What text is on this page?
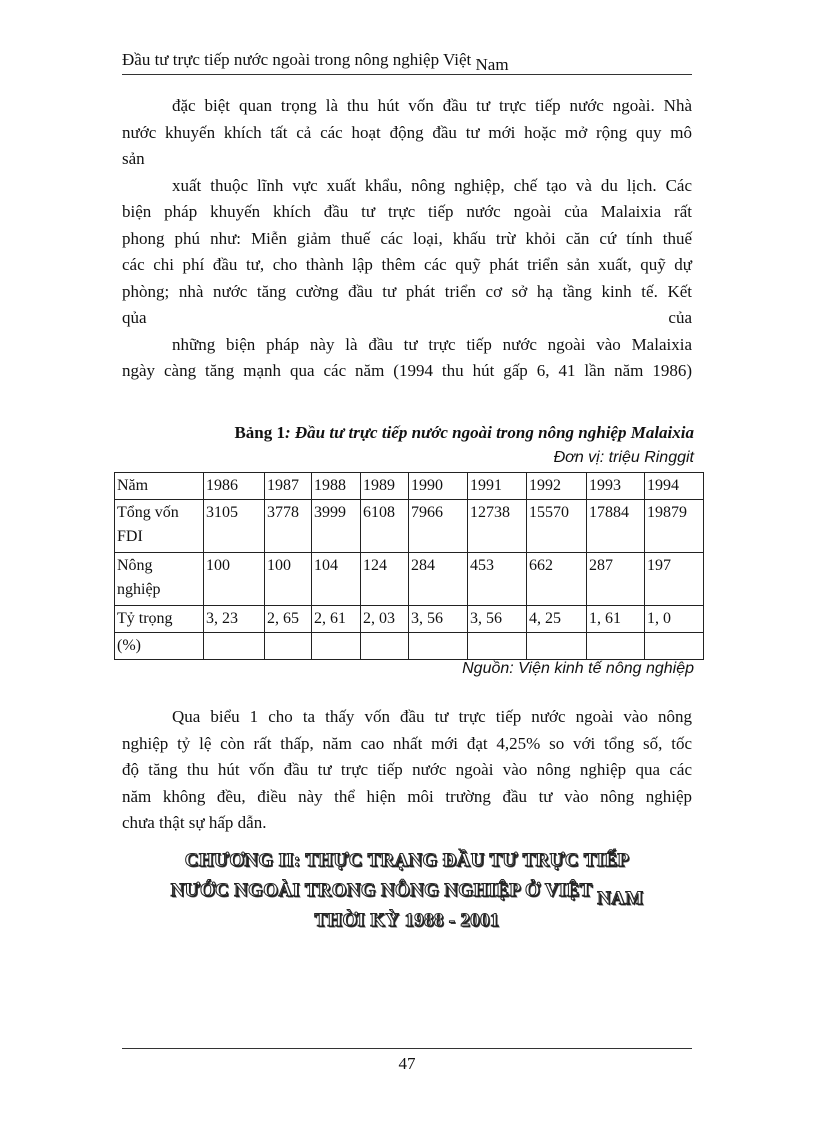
Đầu tư trực tiếp nước ngoài trong nông nghiệp Việt Nam
đặc biệt quan trọng là thu hút vốn đầu tư trực tiếp nước ngoài. Nhà
nước khuyến khích tất cả các hoạt động đầu tư mới hoặc mở rộng quy mô
sản
xuất thuộc lĩnh vực xuất khẩu, nông nghiệp, chế tạo và du lịch. Các
biện pháp khuyến khích đầu tư trực tiếp nước ngoài của Malaixia rất
phong phú như: Miễn giảm thuế các loại, khấu trừ khỏi căn cứ tính thuế
các chi phí đầu tư, cho thành lập thêm các quỹ phát triển sản xuất, quỹ dự
phòng; nhà nước tăng cường đầu tư phát triển cơ sở hạ tầng kinh tế. Kết
qủa	của
những biện pháp này là đầu tư trực tiếp nước ngoài vào Malaixia
ngày càng tăng mạnh qua các năm (1994 thu hút gấp 6, 41 lần năm 1986)
Bảng 1: Đầu tư trực tiếp nước ngoài trong nông nghiệp Malaixia
Đơn vị: triệu Ringgit
Năm	1986	1987	1988	1989	1990	1991	1992	1993	1994
Tổng vốn
FDI	3105	3778	3999	6108	7966	12738	15570	17884	19879
Nông
nghiệp	100	100	104	124	284	453	662	287	197
Tỷ trọng	3, 23	2, 65	2, 61	2, 03	3, 56	3, 56	4, 25	1, 61	1, 0
(%)									
Nguồn: Viện kinh tế nông nghiệp
Qua biểu 1 cho ta thấy vốn đầu tư trực tiếp nước ngoài vào nông
nghiệp tỷ lệ còn rất thấp, năm cao nhất mới đạt 4,25% so với tổng số, tốc
độ tăng thu hút vốn đầu tư trực tiếp nước ngoài vào nông nghiệp qua các
năm không đều, điều này thể hiện môi trường đầu tư vào nông nghiệp
chưa thật sự hấp dẫn.
CHƯƠNG II: THỰC TRẠNG ĐẦU TƯ TRỰC TIẾP
NƯỚC NGOÀI TRONG NÔNG NGHIỆP Ở VIỆT NAM
THỜI KỲ 1988 - 2001
47
